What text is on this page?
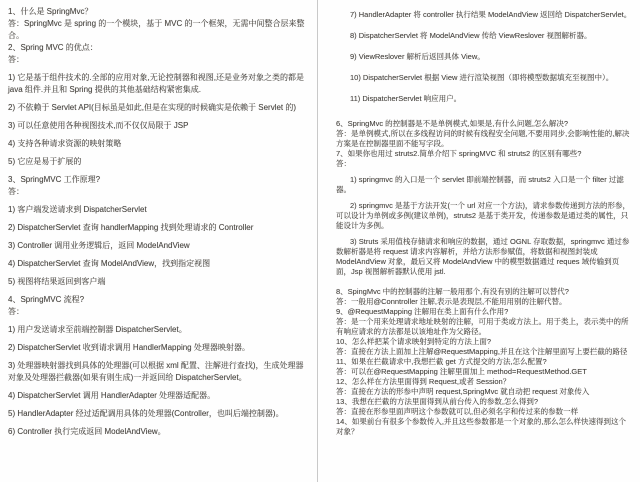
1、什么是 SpringMvc？

答：SpringMvc 是 spring 的一个模块，基于 MVC 的一个框架，无需中间整合层来整合。

2、Spring MVC 的优点：

答：

1) 它是基于组件技术的.全部的应用对象,无论控制器和视图,还是业务对象之类的都是 java 组件.并且和 Spring 提供的其他基础结构紧密集成.

2) 不依赖于 Servlet API(目标虽是如此,但是在实现的时候确实是依赖于 Servlet 的)

3) 可以任意使用各种视图技术,而不仅仅局限于 JSP

4) 支持各种请求资源的映射策略

5) 它应是易于扩展的

3、SpringMVC 工作原理?

答：

1) 客户端发送请求到 DispatcherServlet

2) DispatcherServlet 查询 handlerMapping 找到处理请求的 Controller

3) Controller 调用业务逻辑后，返回 ModelAndView

4) DispatcherServlet 查询 ModelAndView，找到指定视图

5) 视图将结果返回到客户端

4、SpringMVC 流程?

答：

1) 用户发送请求至前端控制器 DispatcherServlet。

2) DispatcherServlet 收到请求调用 HandlerMapping 处理器映射器。

3) 处理器映射器找到具体的处理器(可以根据 xml 配置、注解进行查找)，生成处理器对象及处理器拦截器(如果有则生成)一并返回给 DispatcherServlet。

4) DispatcherServlet 调用 HandlerAdapter 处理器适配器。

5) HandlerAdapter 经过适配调用具体的处理器(Controller，也叫后端控制器)。

6) Controller 执行完成返回 ModelAndView。

7) HandlerAdapter 将 controller 执行结果 ModelAndView 返回给 DispatcherServlet。

8) DispatcherServlet 将 ModelAndView 传给 ViewReslover 视图解析器。

9) ViewReslover 解析后返回具体 View。

10) DispatcherServlet 根据 View 进行渲染视图（即将模型数据填充至视图中）。

11) DispatcherServlet 响应用户。

6、SpringMvc 的控制器是不是单例模式,如果是,有什么问题,怎么解决?

答：是单例模式,所以在多线程访问的时候有线程安全问题,不要用同步,会影响性能的,解决方案是在控制器里面不能写字段。

7、如果你也用过 struts2.简单介绍下 springMVC 和 struts2 的区别有哪些?

答：

1) springmvc 的入口是一个 servlet 即前端控制器，而 struts2 入口是一个 filter 过滤器。

2) springmvc 是基于方法开发(一个 url 对应一个方法)，请求参数传递到方法的形参，可以设计为单例或多例(建议单例)，struts2 是基于类开发，传递参数是通过类的属性，只能设计为多例。

3) Struts 采用值栈存储请求和响应的数据，通过 OGNL 存取数据，springmvc 通过参数解析器是将 request 请求内容解析，并给方法形参赋值，将数据和视图封装成 ModelAndView 对象，最后又将 ModelAndView 中的模型数据通过 reques 域传输到页面，Jsp 视图解析器默认使用 jstl.

8、SpingMvc 中的控制器的注解一般用那个,有没有别的注解可以替代?

答：一般用@Conntroller 注解,表示是表现层,不能用用别的注解代替。

9、@RequestMapping 注解用在类上面有什么作用?

答：是一个用来处理请求地址映射的注解，可用于类或方法上。用于类上，表示类中的所有响应请求的方法都是以该地址作为父路径。

10、怎么样把某个请求映射到特定的方法上面?

答：直接在方法上面加上注解@RequestMapping,并且在这个注解里面写上要拦截的路径

11、如果在拦截请求中,我想拦截 get 方式提交的方法,怎么配置?

答：可以在@RequestMapping 注解里面加上 method=RequestMethod.GET

12、怎么样在方法里面得到 Request,或者 Session？

答：直接在方法的形参中声明 request,SpringMvc 就自动把 request 对象传入

13、我想在拦截的方法里面得到从前台传入的参数,怎么得到?

答：直接在形参里面声明这个参数就可以,但必须名字和传过来的参数一样

14、如果前台有很多个参数传入,并且这些参数都是一个对象的,那么怎么样快速得到这个对象？
